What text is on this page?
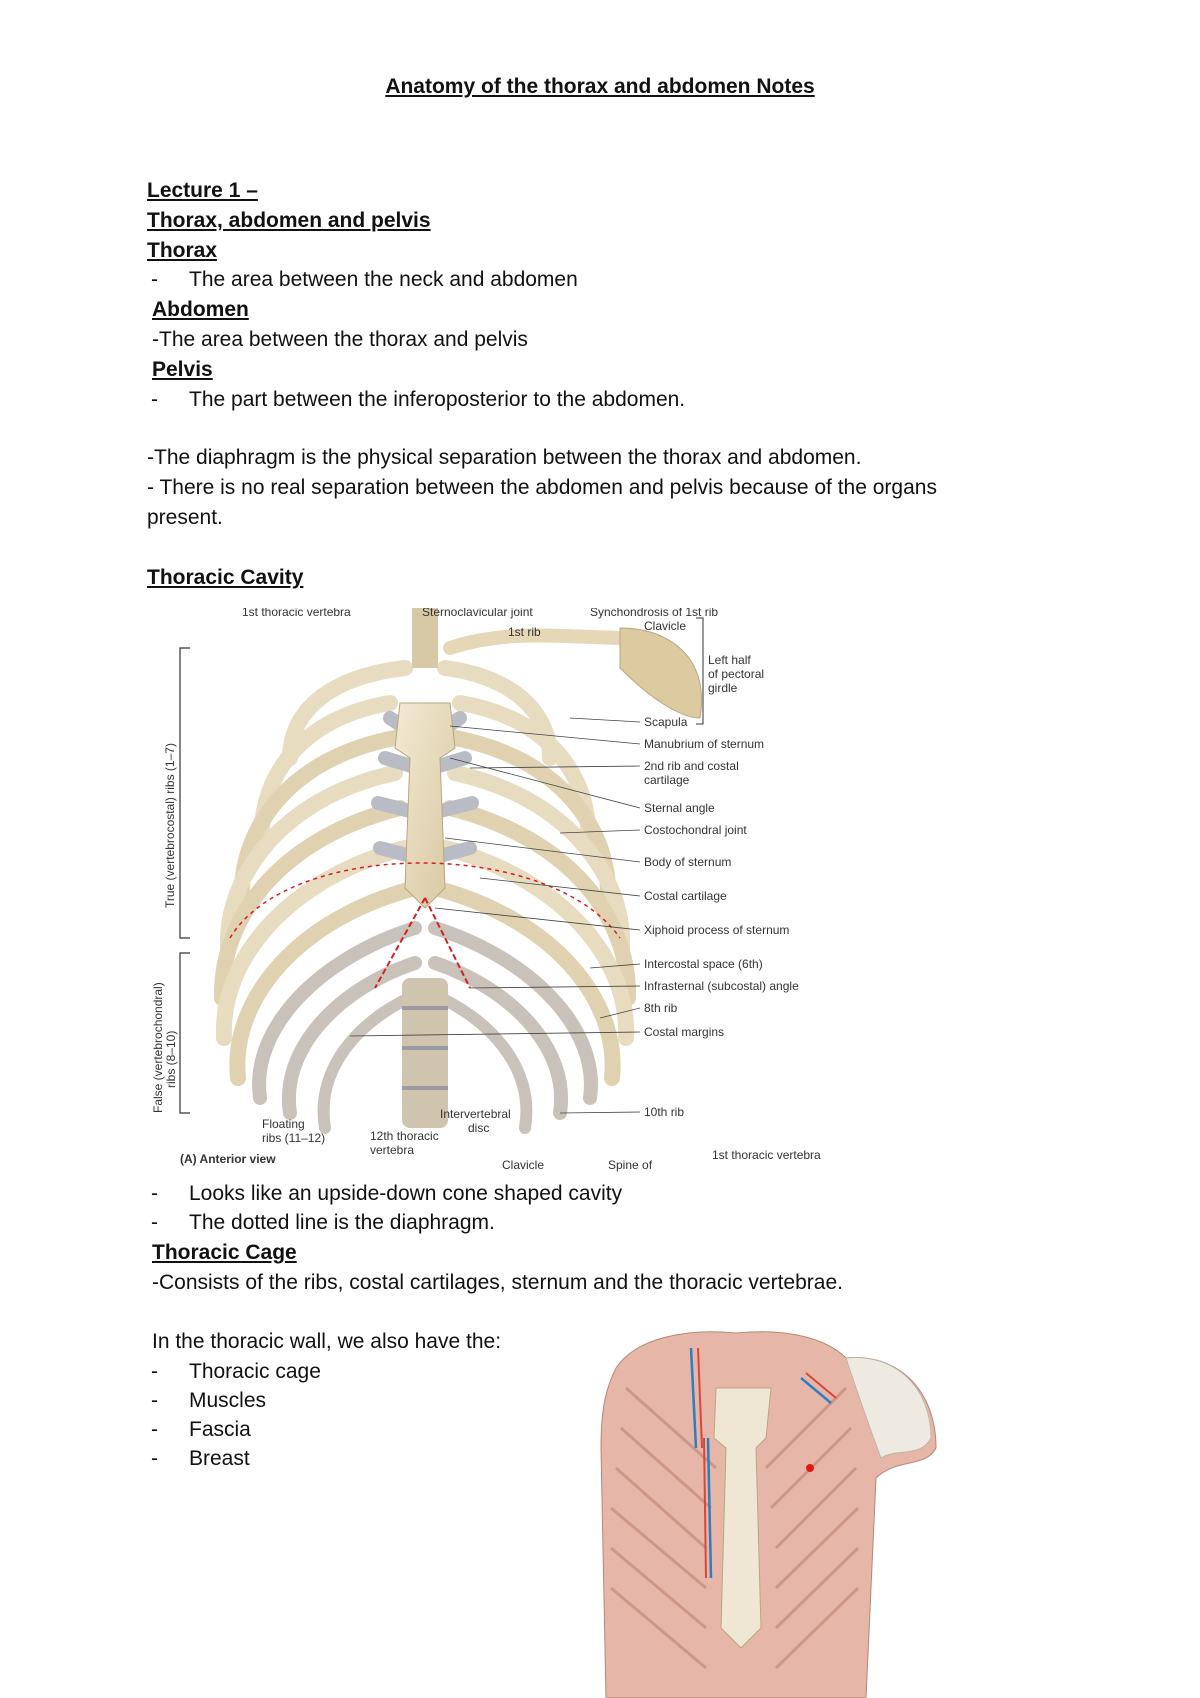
Anatomy of the thorax and abdomen Notes
Lecture 1 –
Thorax, abdomen and pelvis
Thorax
- The area between the neck and abdomen
Abdomen
-The area between the thorax and pelvis
Pelvis
- The part between the inferoposterior to the abdomen.
-The diaphragm is the physical separation between the thorax and abdomen.
- There is no real separation between the abdomen and pelvis because of the organs
present.
Thoracic Cavity
True (vertebrocostal) ribs (1–7)
False (vertebrochondral) ribs (8–10)
1st thoracic vertebra	Sternoclavicular joint	Synchondrosis of 1st rib
1st rib	Clavicle
Left half
of pectoral
girdle
Scapula
Manubrium of sternum
2nd rib and costal
cartilage
Sternal angle
Costochondral joint
Body of sternum
Costal cartilage
Xiphoid process of sternum
Intercostal space (6th)
Infrasternal (subcostal) angle
8th rib
Costal margins
10th rib
Floating
ribs (11–12)	12th thoracic
vertebra
Intervertebral
disc
(A) Anterior view	Clavicle	Spine of
1st thoracic vertebra
- Looks like an upside-down cone shaped cavity
- The dotted line is the diaphragm.
Thoracic Cage
-Consists of the ribs, costal cartilages, sternum and the thoracic vertebrae.
In the thoracic wall, we also have the:
- Thoracic cage
- Muscles
- Fascia
- Breast
